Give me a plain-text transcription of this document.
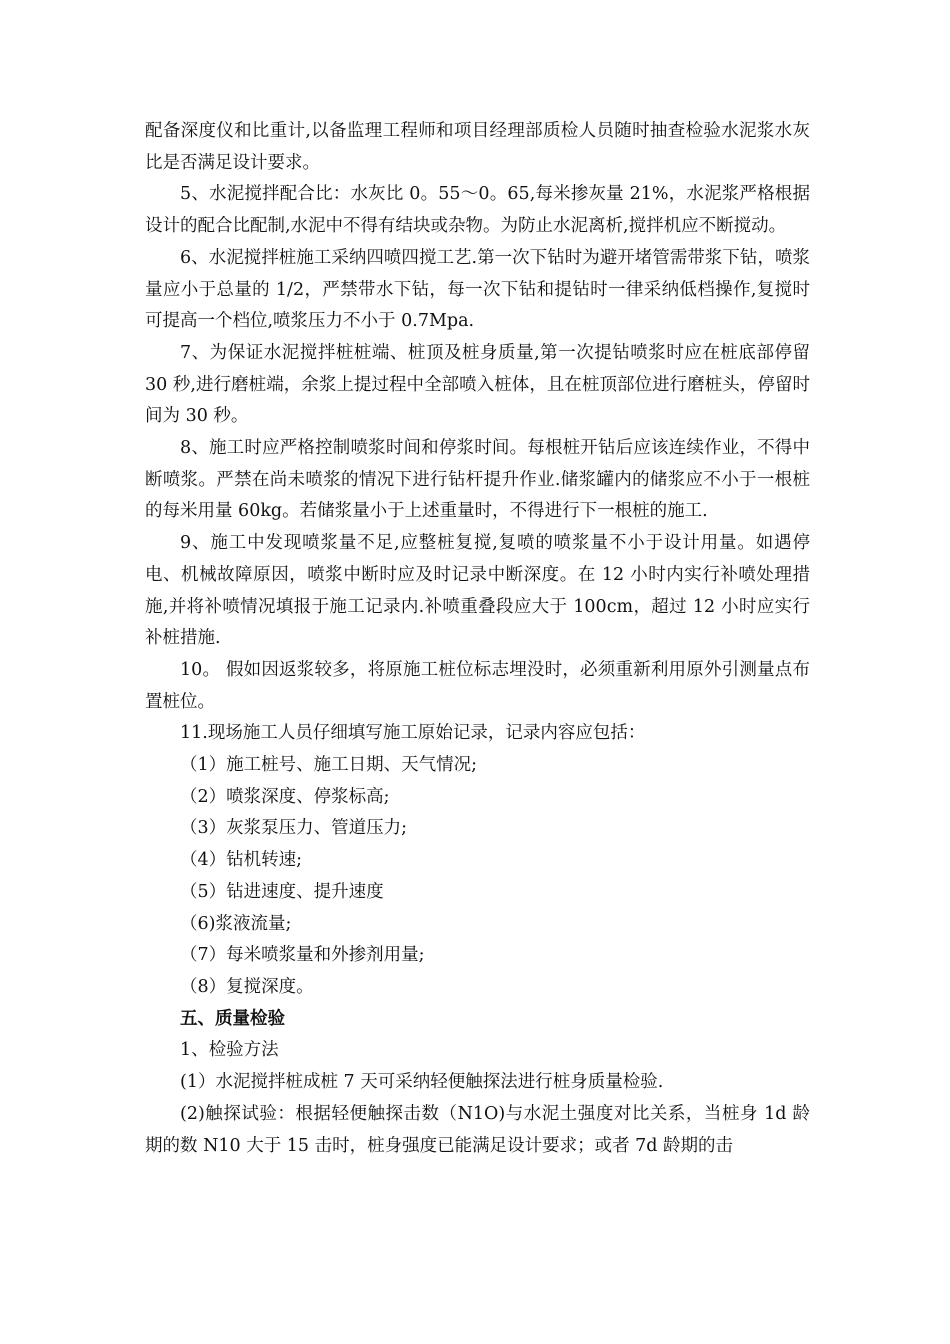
配备深度仪和比重计,以备监理工程师和项目经理部质检人员随时抽查检验水泥浆水灰比是否满足设计要求。

5、水泥搅拌配合比：水灰比 0。55～0。65,每米掺灰量 21%，水泥浆严格根据设计的配合比配制,水泥中不得有结块或杂物。为防止水泥离析,搅拌机应不断搅动。

6、水泥搅拌桩施工采纳四喷四搅工艺.第一次下钻时为避开堵管需带浆下钻，喷浆量应小于总量的 1/2，严禁带水下钻，每一次下钻和提钻时一律采纳低档操作,复搅时可提高一个档位,喷浆压力不小于 0.7Mpa.

7、为保证水泥搅拌桩桩端、桩顶及桩身质量,第一次提钻喷浆时应在桩底部停留 30 秒,进行磨桩端，余浆上提过程中全部喷入桩体，且在桩顶部位进行磨桩头，停留时间为 30 秒。

8、施工时应严格控制喷浆时间和停浆时间。每根桩开钻后应该连续作业，不得中断喷浆。严禁在尚未喷浆的情况下进行钻杆提升作业.储浆罐内的储浆应不小于一根桩的每米用量 60kg。若储浆量小于上述重量时，不得进行下一根桩的施工.

9、施工中发现喷浆量不足,应整桩复搅,复喷的喷浆量不小于设计用量。如遇停电、机械故障原因，喷浆中断时应及时记录中断深度。在 12 小时内实行补喷处理措施,并将补喷情况填报于施工记录内.补喷重叠段应大于 100cm，超过 12 小时应实行补桩措施.

10。 假如因返浆较多，将原施工桩位标志埋没时，必须重新利用原外引测量点布置桩位。

11.现场施工人员仔细填写施工原始记录，记录内容应包括：

（1）施工桩号、施工日期、天气情况;

（2）喷浆深度、停浆标高;

（3）灰浆泵压力、管道压力;

（4）钻机转速;

（5）钻进速度、提升速度

（6)浆液流量;

（7）每米喷浆量和外掺剂用量;

（8）复搅深度。

五、质量检验

1、检验方法

(1）水泥搅拌桩成桩 7 天可采纳轻便触探法进行桩身质量检验.

(2)触探试验：根据轻便触探击数（N1O)与水泥土强度对比关系，当桩身 1d 龄期的数 N10 大于 15 击时，桩身强度已能满足设计要求；或者 7d 龄期的击
